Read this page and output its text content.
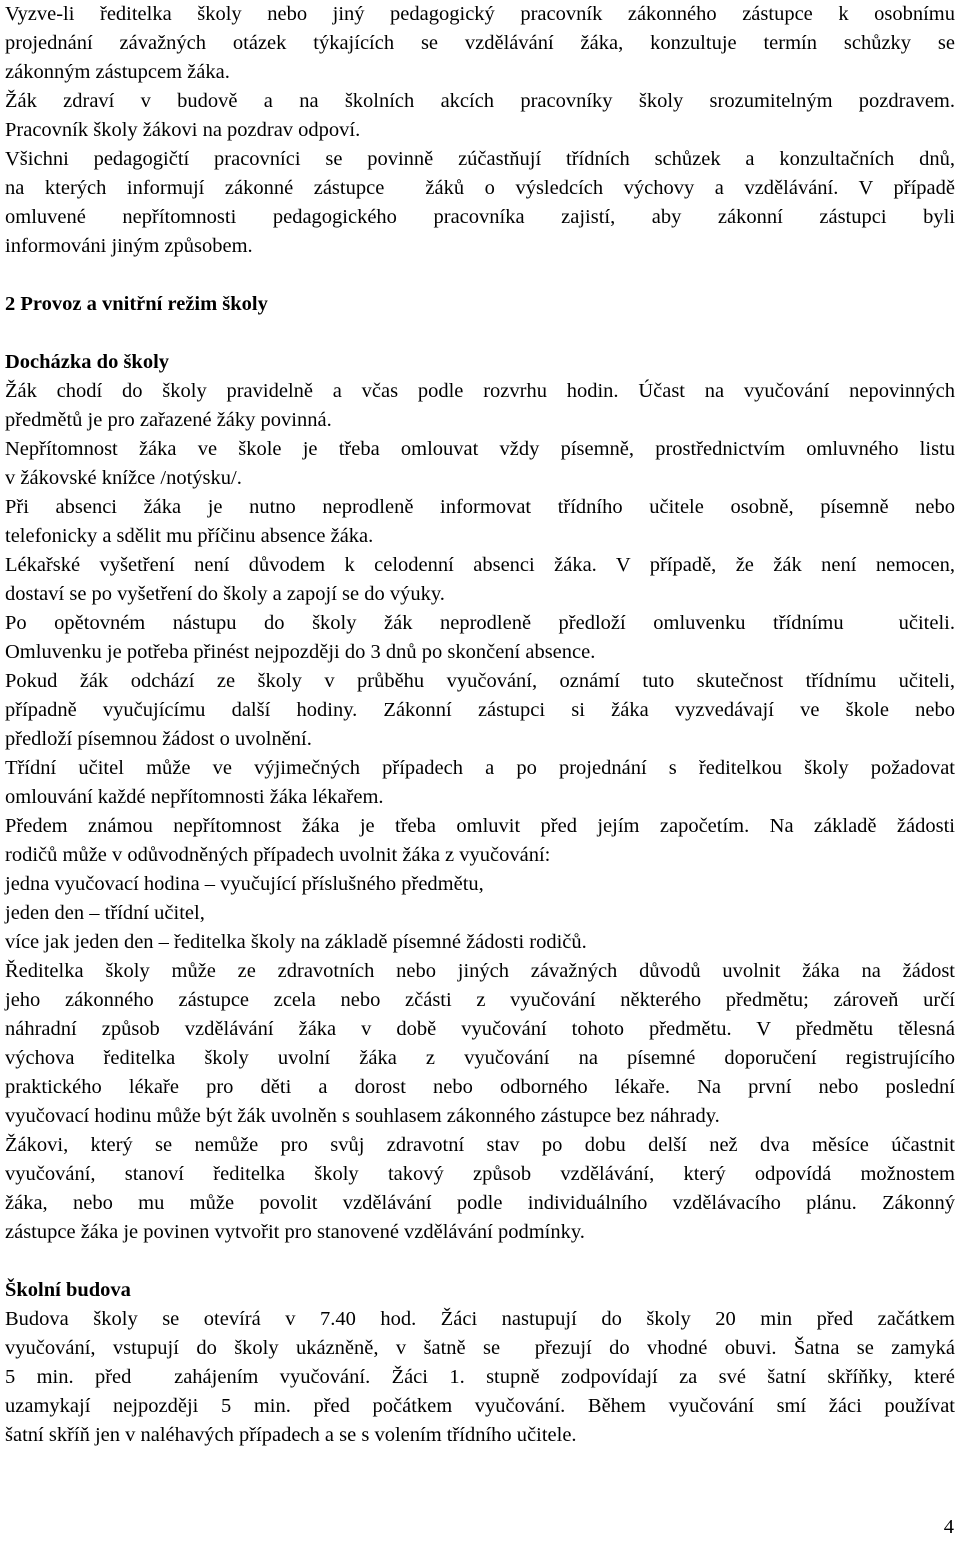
Vyzve-li ředitelka školy nebo jiný pedagogický pracovník zákonného zástupce k osobnímu
projednání závažných otázek týkajících se vzdělávání žáka, konzultuje termín schůzky se
zákonným zástupcem žáka.
Žák zdraví v budově a na školních akcích pracovníky školy srozumitelným pozdravem.
Pracovník školy žákovi na pozdrav odpoví.
Všichni pedagogičtí pracovníci se povinně zúčastňují třídních schůzek a konzultačních dnů,
na kterých informují zákonné zástupce  žáků o výsledcích výchovy a vzdělávání. V případě
omluvené nepřítomnosti pedagogického pracovníka zajistí, aby zákonní zástupci byli
informováni jiným způsobem.
2 Provoz a vnitřní režim školy
Docházka do školy
Žák chodí do školy pravidelně a včas podle rozvrhu hodin. Účast na vyučování nepovinných
předmětů je pro zařazené žáky povinná.
Nepřítomnost žáka ve škole je třeba omlouvat vždy písemně, prostřednictvím omluvného listu
v žákovské knížce /notýsku/.
Při absenci žáka je nutno neprodleně informovat třídního učitele osobně, písemně nebo
telefonicky a sdělit mu příčinu absence žáka.
Lékařské vyšetření není důvodem k celodenní absenci žáka. V případě, že žák není nemocen,
dostaví se po vyšetření do školy a zapojí se do výuky.
Po opětovném nástupu do školy žák neprodleně předloží omluvenku třídnímu  učiteli.
Omluvenku je potřeba přinést nejpozději do 3 dnů po skončení absence.
Pokud žák odchází ze školy v průběhu vyučování, oznámí tuto skutečnost třídnímu učiteli,
případně vyučujícímu další hodiny. Zákonní zástupci si žáka vyzvedávají ve škole nebo
předloží písemnou žádost o uvolnění.
Třídní učitel může ve výjimečných případech a po projednání s ředitelkou školy požadovat
omlouvání každé nepřítomnosti žáka lékařem.
Předem známou nepřítomnost žáka je třeba omluvit před jejím započetím. Na základě žádosti
rodičů může v odůvodněných případech uvolnit žáka z vyučování:
jedna vyučovací hodina – vyučující příslušného předmětu,
jeden den – třídní učitel,
více jak jeden den – ředitelka školy na základě písemné žádosti rodičů.
Ředitelka školy může ze zdravotních nebo jiných závažných důvodů uvolnit žáka na žádost
jeho zákonného zástupce zcela nebo zčásti z vyučování některého předmětu; zároveň určí
náhradní způsob vzdělávání žáka v době vyučování tohoto předmětu. V předmětu tělesná
výchova ředitelka školy uvolní žáka z vyučování na písemné doporučení registrujícího
praktického lékaře pro děti a dorost nebo odborného lékaře. Na první nebo poslední
vyučovací hodinu může být žák uvolněn s souhlasem zákonného zástupce bez náhrady.
Žákovi, který se nemůže pro svůj zdravotní stav po dobu delší než dva měsíce účastnit
vyučování, stanoví ředitelka školy takový způsob vzdělávání, který odpovídá možnostem
žáka, nebo mu může povolit vzdělávání podle individuálního vzdělávacího plánu. Zákonný
zástupce žáka je povinen vytvořit pro stanovené vzdělávání podmínky.
Školní budova
Budova školy se otevírá v 7.40 hod. Žáci nastupují do školy 20 min před začátkem
vyučování, vstupují do školy ukázněně, v šatně se  přezují do vhodné obuvi. Šatna se zamyká
5 min. před  zahájením vyučování. Žáci 1. stupně zodpovídají za své šatní skříňky, které
uzamykají nejpozději 5 min. před počátkem vyučování. Během vyučování smí žáci používat
šatní skříň jen v naléhavých případech a se s volením třídního učitele.
4
